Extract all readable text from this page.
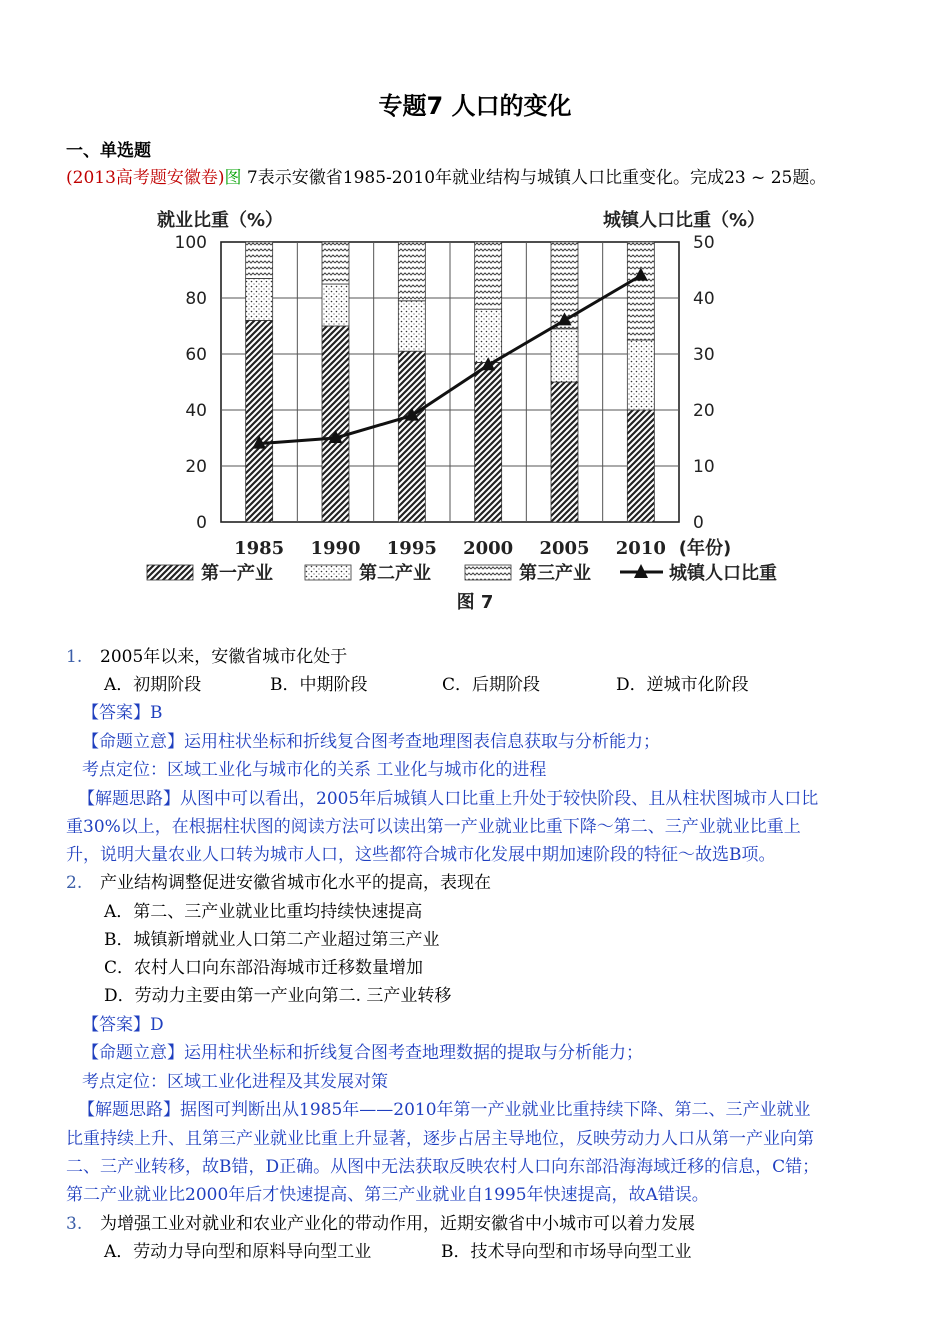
专题7 人口的变化
一、单选题
(2013高考题安徽卷)图 7表示安徽省1985-2010年就业结构与城镇人口比重变化。完成23 ~ 25题。
100
80
60
40
20
0
50
40
30
20
10
0
就业比重（%）	城镇人口比重（%）
1985 1990 1995 2000 2005 2010 (年份)
图 7
第一产业	第二产业	第三产业	城镇人口比重
1. 2005年以来，安徽省城市化处于
A．初期阶段	B．中期阶段	C．后期阶段	D．逆城市化阶段
【答案】B
【命题立意】运用柱状坐标和折线复合图考查地理图表信息获取与分析能力；
考点定位：区域工业化与城市化的关系 工业化与城市化的进程
【解题思路】从图中可以看出，2005年后城镇人口比重上升处于较快阶段、且从柱状图城市人口比
重30%以上，在根据柱状图的阅读方法可以读出第一产业就业比重下降〜第二、三产业就业比重上
升，说明大量农业人口转为城市人口，这些都符合城市化发展中期加速阶段的特征〜故选B项。
2. 产业结构调整促进安徽省城市化水平的提高，表现在
A．第二、三产业就业比重均持续快速提高
B．城镇新增就业人口第二产业超过第三产业
C．农村人口向东部沿海城市迁移数量增加
D．劳动力主要由第一产业向第二. 三产业转移
【答案】D
【命题立意】运用柱状坐标和折线复合图考查地理数据的提取与分析能力；
考点定位：区域工业化进程及其发展对策
【解题思路】据图可判断出从1985年——2010年第一产业就业比重持续下降、第二、三产业就业
比重持续上升、且第三产业就业比重上升显著，逐步占居主导地位，反映劳动力人口从第一产业向第
二、三产业转移，故B错，D正确。从图中无法获取反映农村人口向东部沿海海域迁移的信息，C错；
第二产业就业比2000年后才快速提高、第三产业就业自1995年快速提高，故A错误。
3. 为增强工业对就业和农业产业化的带动作用，近期安徽省中小城市可以着力发展
A．劳动力导向型和原料导向型工业	B．技术导向型和市场导向型工业
